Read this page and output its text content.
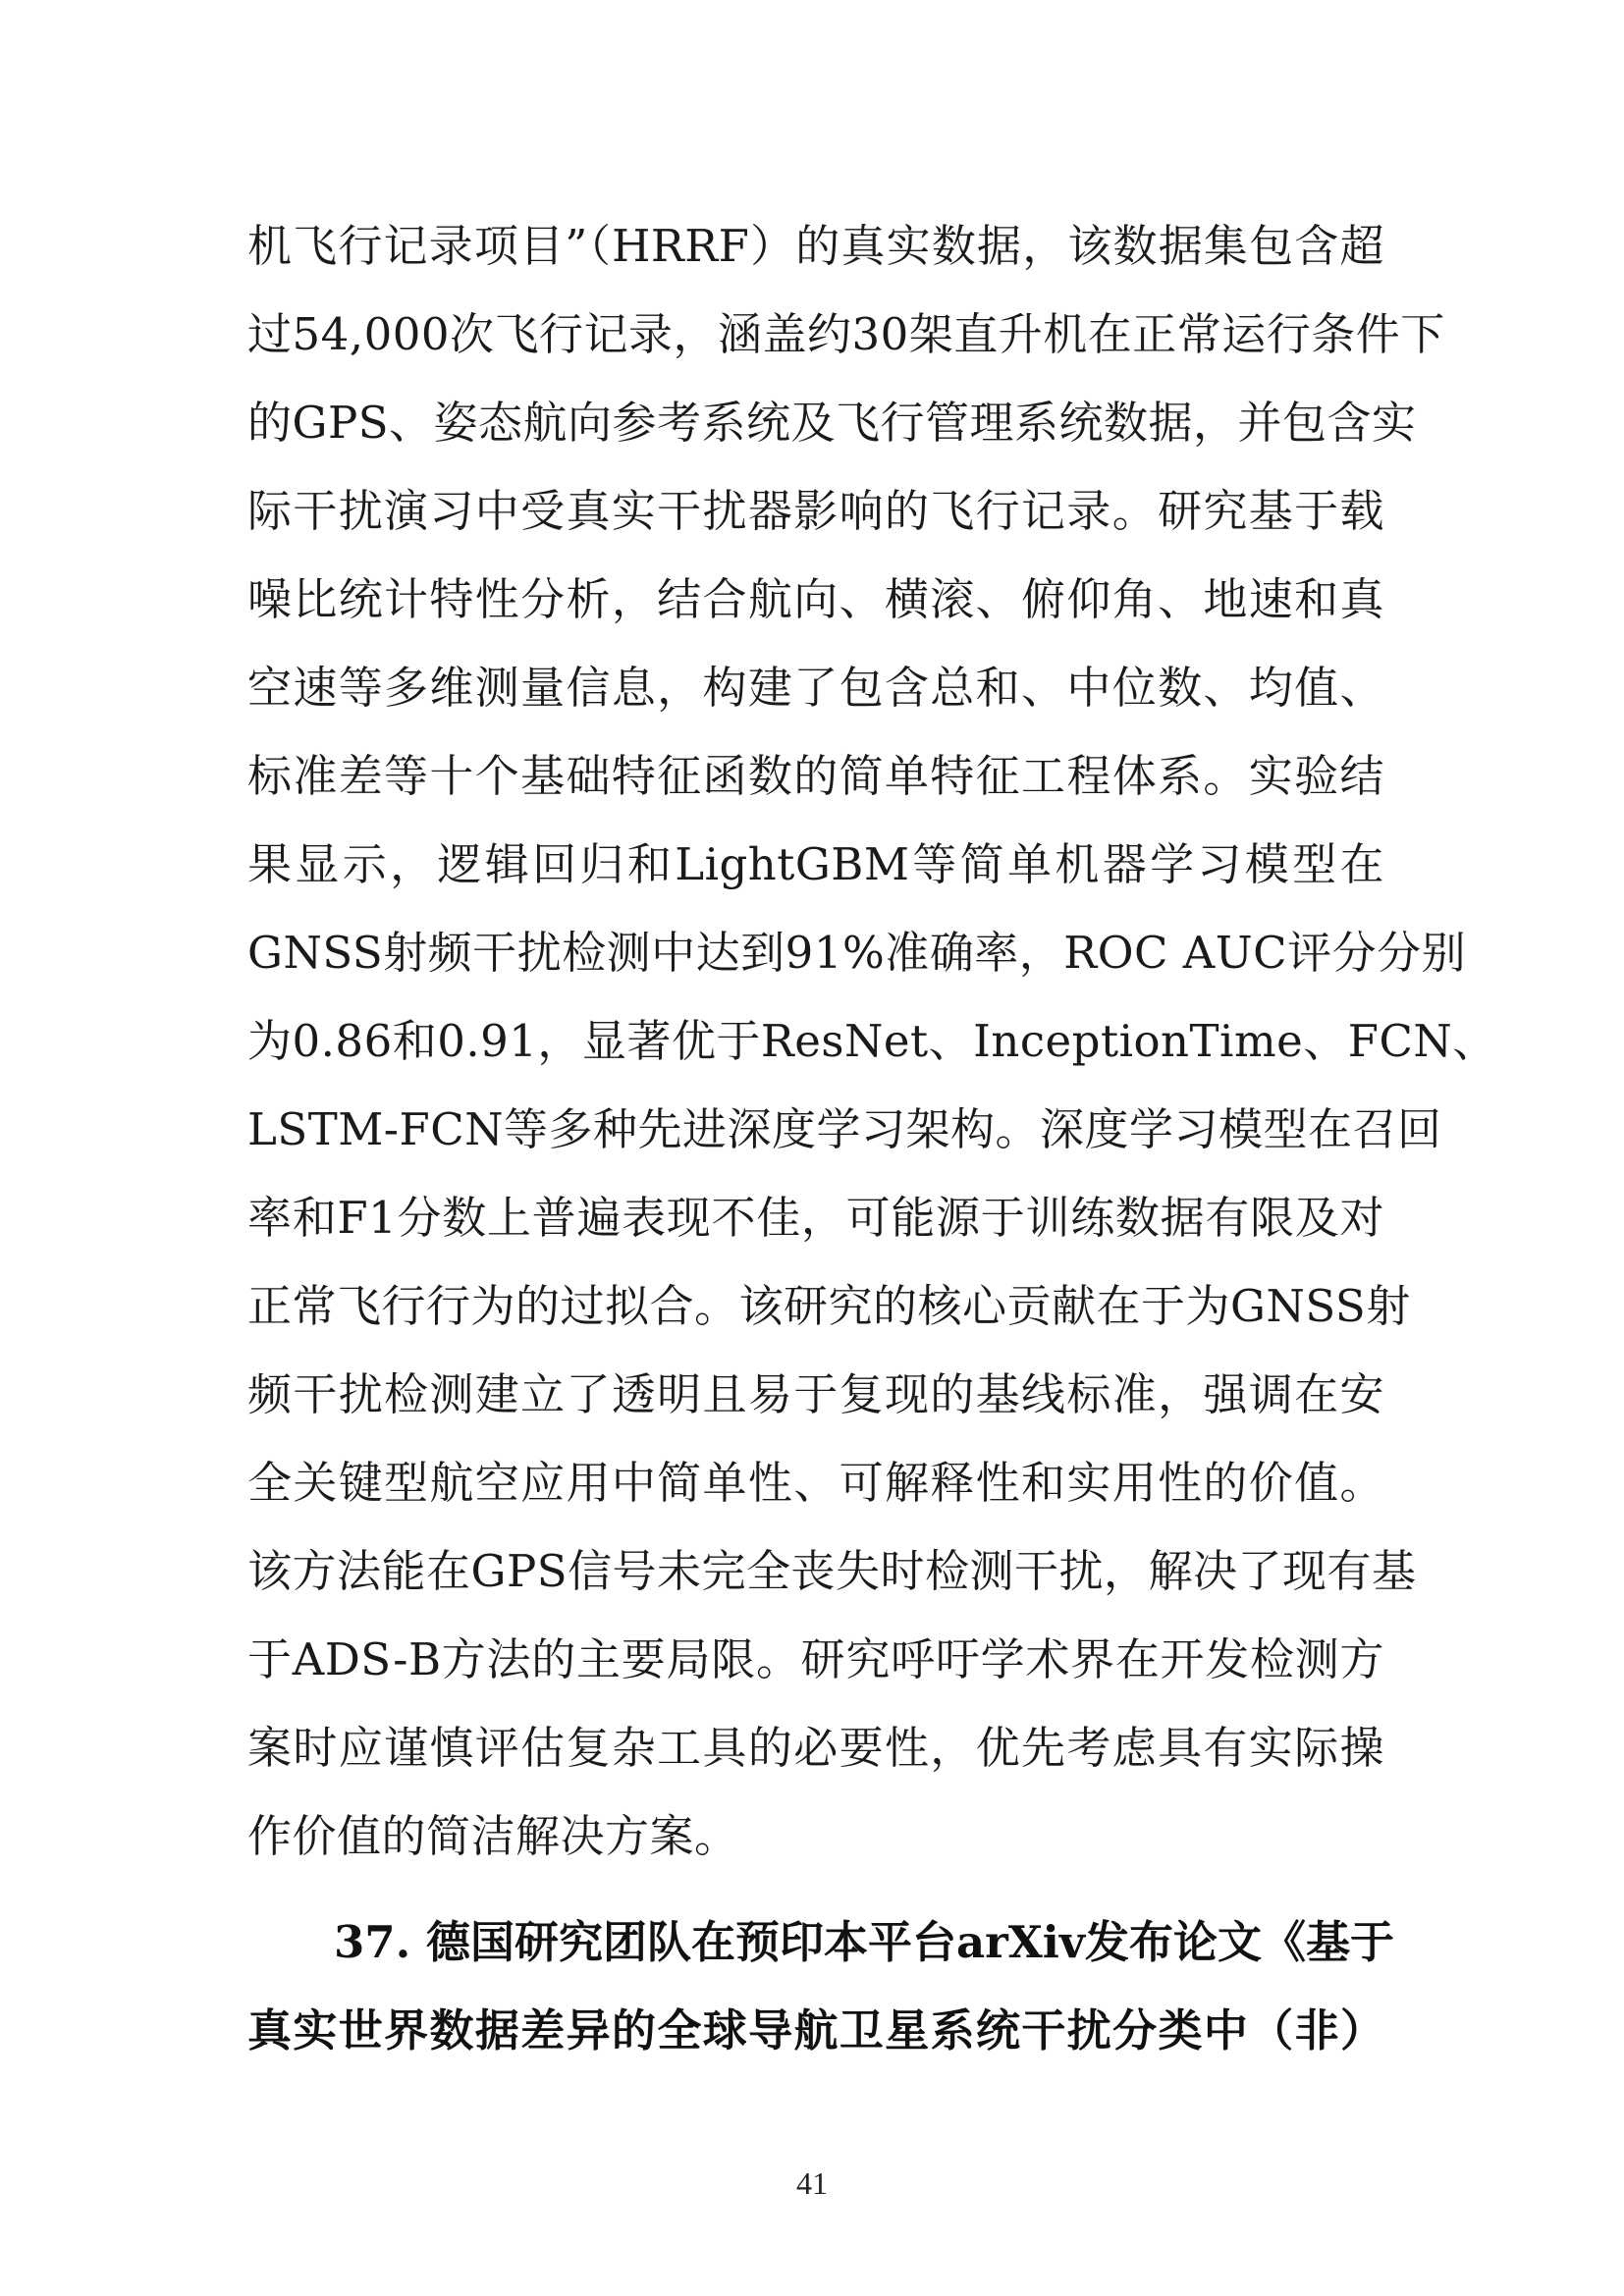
机飞行记录项目”（HRRF）的真实数据，该数据集包含超
过54,000次飞行记录，涵盖约30架直升机在正常运行条件下
的GPS、姿态航向参考系统及飞行管理系统数据，并包含实
际干扰演习中受真实干扰器影响的飞行记录。研究基于载
噪比统计特性分析，结合航向、横滚、俯仰角、地速和真
空速等多维测量信息，构建了包含总和、中位数、均值、
标准差等十个基础特征函数的简单特征工程体系。实验结
果显示，逻辑回归和LightGBM等简单机器学习模型在
GNSS射频干扰检测中达到91%准确率，ROC AUC评分分别
为0.86和0.91，显著优于ResNet、InceptionTime、FCN、
LSTM-FCN等多种先进深度学习架构。深度学习模型在召回
率和F1分数上普遍表现不佳，可能源于训练数据有限及对
正常飞行行为的过拟合。该研究的核心贡献在于为GNSS射
频干扰检测建立了透明且易于复现的基线标准，强调在安
全关键型航空应用中简单性、可解释性和实用性的价值。
该方法能在GPS信号未完全丧失时检测干扰，解决了现有基
于ADS-B方法的主要局限。研究呼吁学术界在开发检测方
案时应谨慎评估复杂工具的必要性，优先考虑具有实际操
作价值的简洁解决方案。
37. 德国研究团队在预印本平台arXiv发布论文《基于
真实世界数据差异的全球导航卫星系统干扰分类中（非）
41
